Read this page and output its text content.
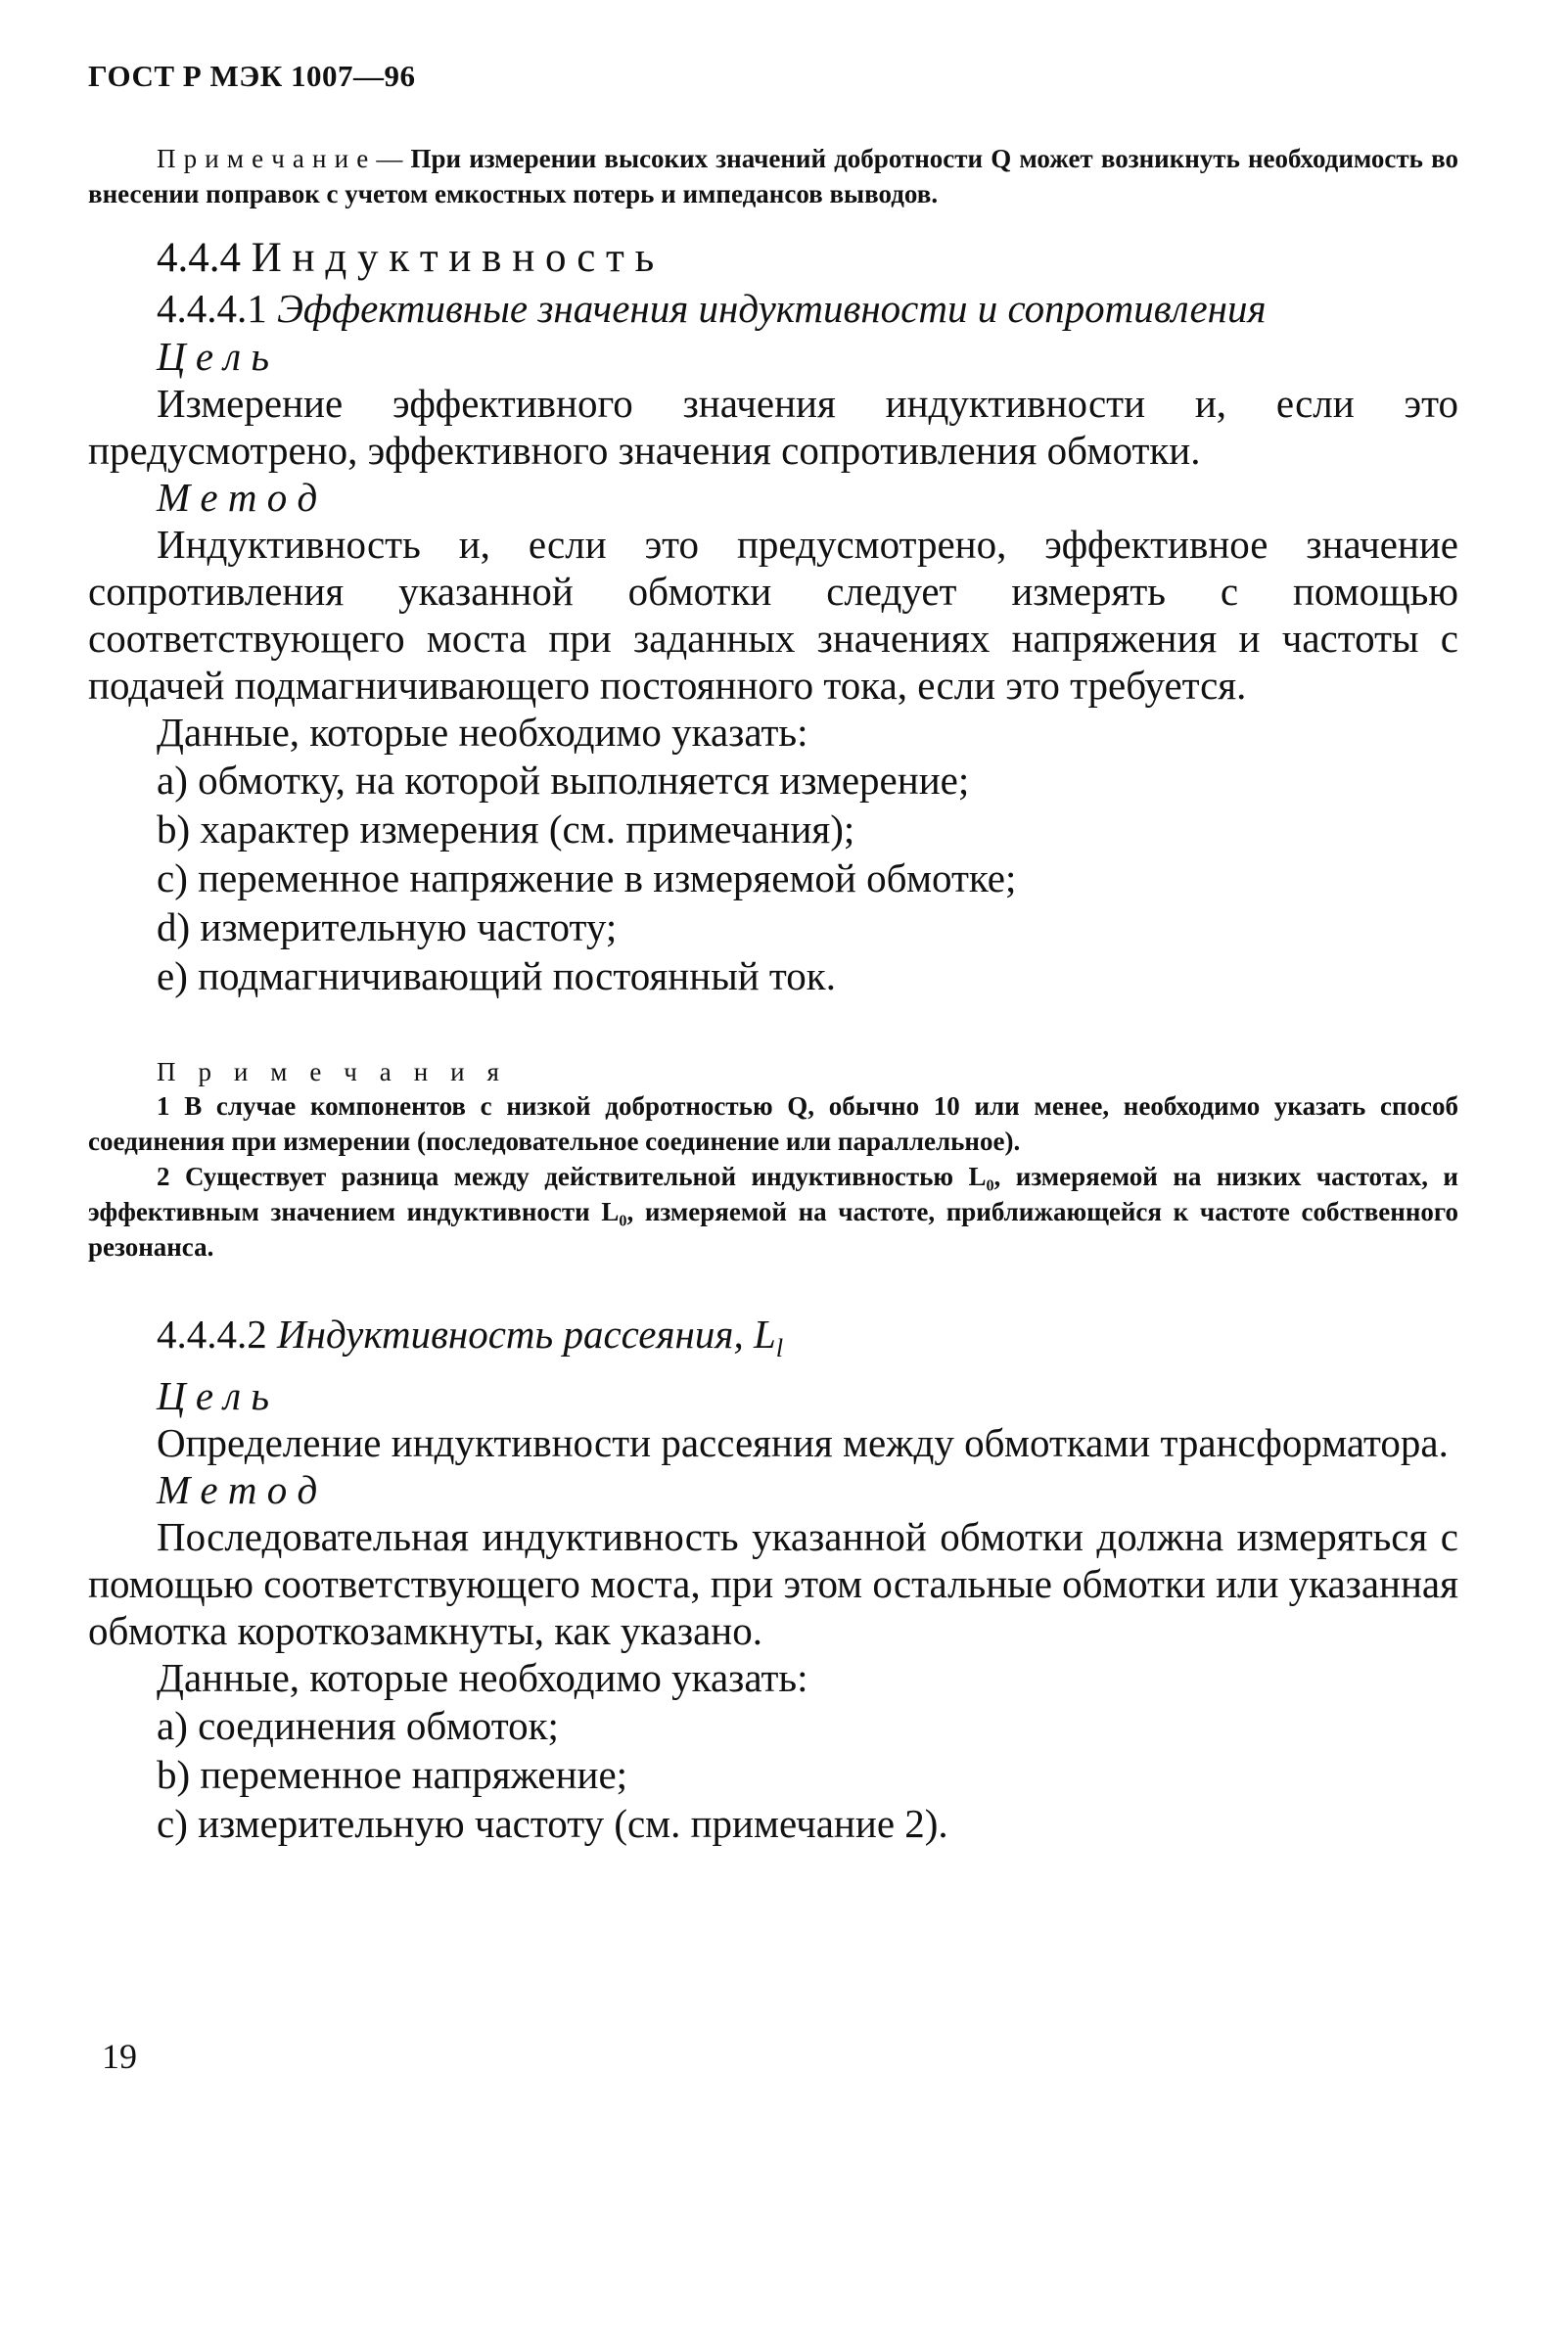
ГОСТ Р МЭК 1007—96

П р и м е ч а н и е — При измерении высоких значений добротности Q может возникнуть необходимость во внесении поправок с учетом емкостных потерь и импедансов выводов.

4.4.4 И н д у к т и в н о с т ь
4.4.4.1 Эффективные значения индуктивности и сопротивления
Ц е л ь

Измерение эффективного значения индуктивности и, если это предусмотрено, эффективного значения сопротивления обмотки.

М е т о д

Индуктивность и, если это предусмотрено, эффективное значение сопротивления указанной обмотки следует измерять с помощью соответствующего моста при заданных значениях напряжения и частоты с подачей подмагничивающего постоянного тока, если это требуется.

Данные, которые необходимо указать:

a) обмотку, на которой выполняется измерение;
b) характер измерения (см. примечания);
c) переменное напряжение в измеряемой обмотке;
d) измерительную частоту;
e) подмагничивающий постоянный ток.
П р и м е ч а н и я

1 В случае компонентов с низкой добротностью Q, обычно 10 или менее, необходимо указать способ соединения при измерении (последовательное соединение или параллельное).

2 Существует разница между действительной индуктивностью L₀, измеряемой на низких частотах, и эффективным значением индуктивности L₀, измеряемой на частоте, приближающейся к частоте собственного резонанса.

4.4.4.2 Индуктивность рассеяния, $L_l$
Ц е л ь

Определение индуктивности рассеяния между обмотками трансформатора.

М е т о д

Последовательная индуктивность указанной обмотки должна измеряться с помощью соответствующего моста, при этом остальные обмотки или указанная обмотка короткозамкнуты, как указано.

Данные, которые необходимо указать:

a) соединения обмоток;
b) переменное напряжение;
c) измерительную частоту (см. примечание 2).
19
